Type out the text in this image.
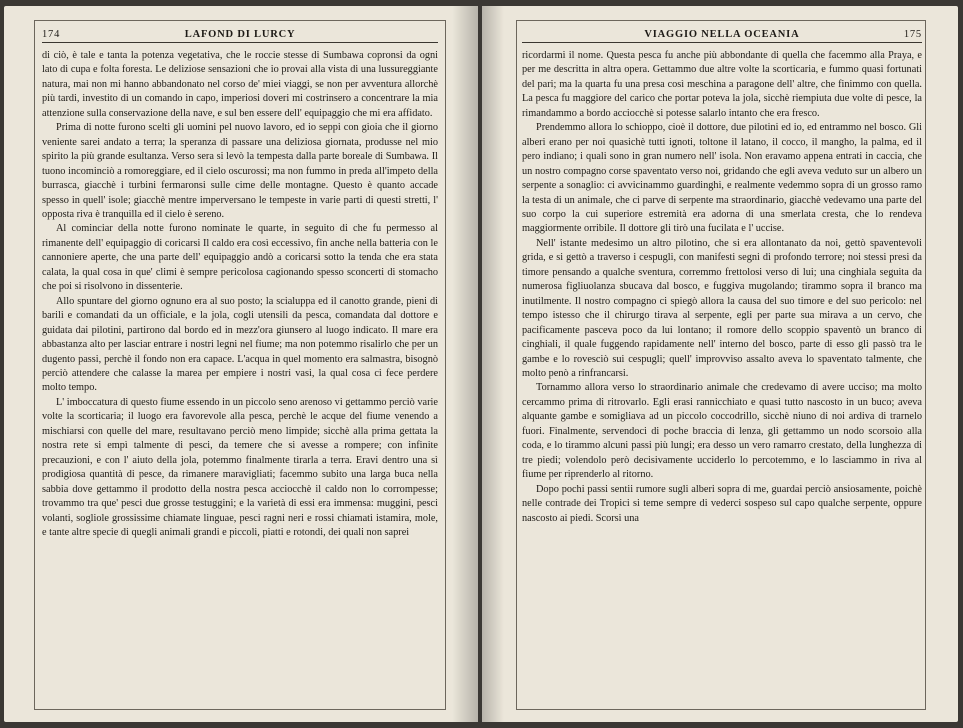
174	LAFOND DI LURCY

di ciò, è tale e tanta la potenza vegetativa, che le roccie stesse di Sumbawa copronsi da ogni lato di cupa e folta foresta. Le deliziose sensazioni che io provai alla vista di una lussureggiante natura, mai non mi hanno abbandonato nel corso de' miei viaggi, se non per avventura allorchè più tardi, investito di un comando in capo, imperiosi doveri mi costrinsero a concentrare la mia attenzione sulla conservazione della nave, e sul ben essere dell' equipaggio che mi era affidato.

Prima di notte furono scelti gli uomini pel nuovo lavoro, ed io seppi con gioia che il giorno veniente sarei andato a terra; la speranza di passare una deliziosa giornata, produsse nel mio spirito la più grande esultanza. Verso sera si levò la tempesta dalla parte boreale di Sumbawa. Il tuono incominciò a romoreggiare, ed il cielo oscurossi; ma non fummo in preda all'impeto della burrasca, giacchè i turbini fermaronsi sulle cime delle montagne. Questo è quanto accade spesso in quell' isole; giacchè mentre imperversano le tempeste in varie parti di questi stretti, l' opposta riva è tranquilla ed il cielo è sereno.

Al cominciar della notte furono nominate le quarte, in seguito di che fu permesso al rimanente dell' equipaggio di coricarsi Il caldo era così eccessivo, fin anche nella batteria con le cannoniere aperte, che una parte dell' equipaggio andò a coricarsi sotto la tenda che era stata calata, la qual cosa in que' climi è sempre pericolosa cagionando spesso sconcerti di stomacho che poi si risolvono in dissenterie.

Allo spuntare del giorno ognuno era al suo posto; la scialuppa ed il canotto grande, pieni di barili e comandati da un officiale, e la jola, cogli utensili da pesca, comandata dal dottore e guidata dai pilotini, partirono dal bordo ed in mezz'ora giunsero al luogo indicato. Il mare era abbastanza alto per lasciar entrare i nostri legni nel fiume; ma non potemmo risalirlo che per un dugento passi, perchè il fondo non era capace. L'acqua in quel momento era salmastra, bisognò perciò attendere che calasse la marea per empiere i nostri vasi, la qual cosa ci fece perdere molto tempo.

L' imboccatura di questo fiume essendo in un piccolo seno arenoso vi gettammo perciò varie volte la scorticaria; il luogo era favorevole alla pesca, perchè le acque del fiume venendo a mischiarsi con quelle del mare, resultavano perciò meno limpide; sicchè alla prima gettata la nostra rete si empì talmente di pesci, da temere che si avesse a rompere; con infinite precauzioni, e con l' aiuto della jola, potemmo finalmente tirarla a terra. Eravi dentro una sì prodigiosa quantità di pesce, da rimanere maravigliati; facemmo subito una larga buca nella sabbia dove gettammo il prodotto della nostra pesca acciocchè il caldo non lo corrompesse; trovammo tra que' pesci due grosse testuggini; e la varietà di essi era immensa: muggini, pesci volanti, sogliole grossissime chiamate linguae, pesci ragni neri e rossi chiamati istamira, mole, e tante altre specie di quegli animali grandi e piccoli, piatti e rotondi, dei quali non saprei

VIAGGIO NELLA OCEANIA	175

ricordarmi il nome. Questa pesca fu anche più abbondante di quella che facemmo alla Praya, e per me descritta in altra opera. Gettammo due altre volte la scorticaria, e fummo quasi fortunati del pari; ma la quarta fu una presa così meschina a paragone dell' altre, che finimmo con quella. La pesca fu maggiore del carico che portar poteva la jola, sicchè riempiuta due volte di pesce, la rimandammo a bordo acciocchè si potesse salarlo intanto che era fresco.

Prendemmo allora lo schioppo, cioè il dottore, due pilotini ed io, ed entrammo nel bosco. Gli alberi erano per noi quasichè tutti ignoti, toltone il latano, il cocco, il mangho, la palma, ed il pero indiano; i quali sono in gran numero nell' isola. Non eravamo appena entrati in caccia, che un nostro compagno corse spaventato verso noi, gridando che egli aveva veduto sur un albero un serpente a sonaglio: ci avvicinammo guardinghi, e realmente vedemmo sopra di un grosso ramo la testa di un animale, che ci parve di serpente ma straordinario, giacchè vedevamo una parte del suo corpo la cui superiore estremità era adorna di una smerlata cresta, che lo rendeva maggiormente orribile. Il dottore gli tirò una fucilata e l' uccise.

Nell' istante medesimo un altro pilotino, che si era allontanato da noi, gettò spaventevoli grida, e si gettò a traverso i cespugli, con manifesti segni di profondo terrore; noi stessi presi da timore pensando a qualche sventura, corremmo frettolosi verso di lui; una cinghiala seguita da numerosa figliuolanza sbucava dal bosco, e fuggiva mugolando; tirammo sopra il branco ma inutilmente. Il nostro compagno ci spiegò allora la causa del suo timore e del suo pericolo: nel tempo istesso che il chirurgo tirava al serpente, egli per parte sua mirava a un cervo, che pacificamente pasceva poco da lui lontano; il romore dello scoppio spaventò un branco di cinghiali, il quale fuggendo rapidamente nell' interno del bosco, parte di esso gli passò tra le gambe e lo rovesciò sui cespugli; quell' improvviso assalto aveva lo spaventato talmente, che molto penò a rinfrancarsi.

Tornammo allora verso lo straordinario animale che credevamo di avere ucciso; ma molto cercammo prima di ritrovarlo. Egli erasi rannicchiato e quasi tutto nascosto in un buco; aveva alquante gambe e somigliava ad un piccolo coccodrillo, sicchè niuno di noi ardiva di trarnelo fuori. Finalmente, servendoci di poche braccia di lenza, gli gettammo un nodo scorsoio alla coda, e lo tirammo alcuni passi più lungi; era desso un vero ramarro crestato, della lunghezza di tre piedi; volendolo però decisivamente ucciderlo lo percotemmo, e lo lasciammo in riva al fiume per riprenderlo al ritorno.

Dopo pochi passi sentii rumore sugli alberi sopra di me, guardai perciò ansiosamente, poichè nelle contrade dei Tropici si teme sempre di vederci sospeso sul capo qualche serpente, oppure nascosto ai piedi. Scorsi una
